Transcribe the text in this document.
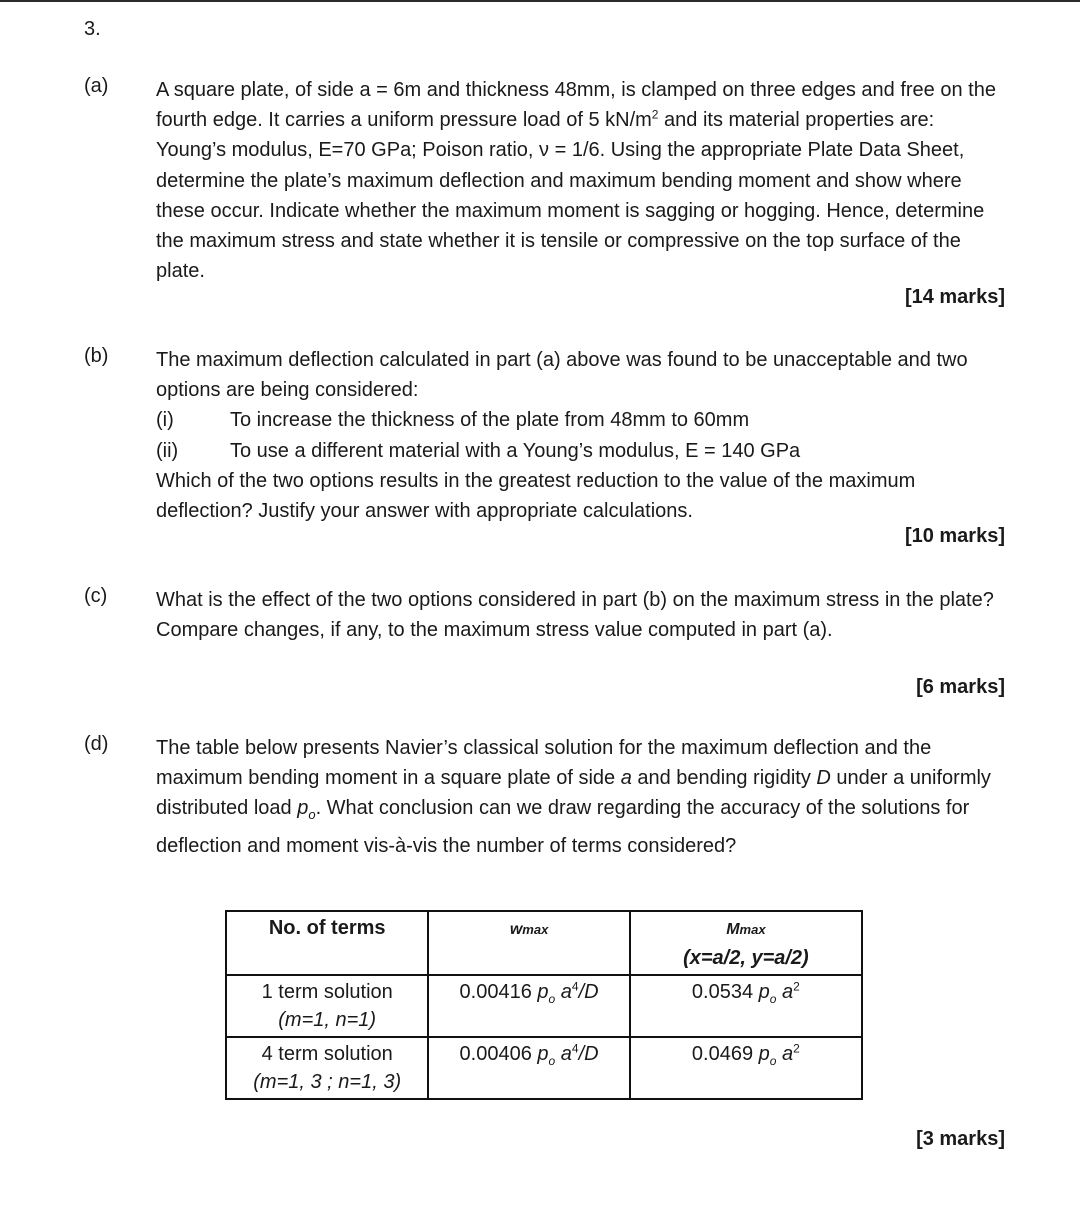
3.
(a) A square plate, of side a = 6m and thickness 48mm, is clamped on three edges and free on the fourth edge. It carries a uniform pressure load of 5 $kN/m^2$ and its material properties are: Young’s modulus, E=70 GPa; Poison ratio, ν = 1/6. Using the appropriate Plate Data Sheet, determine the plate’s maximum deflection and maximum bending moment and show where these occur. Indicate whether the maximum moment is sagging or hogging. Hence, determine the maximum stress and state whether it is tensile or compressive on the top surface of the plate.
[14 marks]
(b) The maximum deflection calculated in part (a) above was found to be unacceptable and two options are being considered:

(i)	To increase the thickness of the plate from 48mm to 60mm
(ii)	To use a different material with a Young’s modulus, E = 140 GPa

Which of the two options results in the greatest reduction to the value of the maximum deflection? Justify your answer with appropriate calculations.

[10 marks]
(c) What is the effect of the two options considered in part (b) on the maximum stress in the plate? Compare changes, if any, to the maximum stress value computed in part (a).
[6 marks]
(d) The table below presents Navier’s classical solution for the maximum deflection and the maximum bending moment in a square plate of side a and bending rigidity D under a uniformly distributed load $p_o$. What conclusion can we draw regarding the accuracy of the solutions for deflection and moment vis-à-vis the number of terms considered?
No. of terms	wmax	Mmax
(x=a/2, y=a/2)

1 term solution
(m=1, n=1)	0.00416 $p_o$ $a^4/D$	0.0534 $p_o$ $a^2$

4 term solution
(m=1, 3 ; n=1, 3)	0.00406 $p_o$ $a^4/D$	0.0469 $p_o$ $a^2$
[3 marks]
